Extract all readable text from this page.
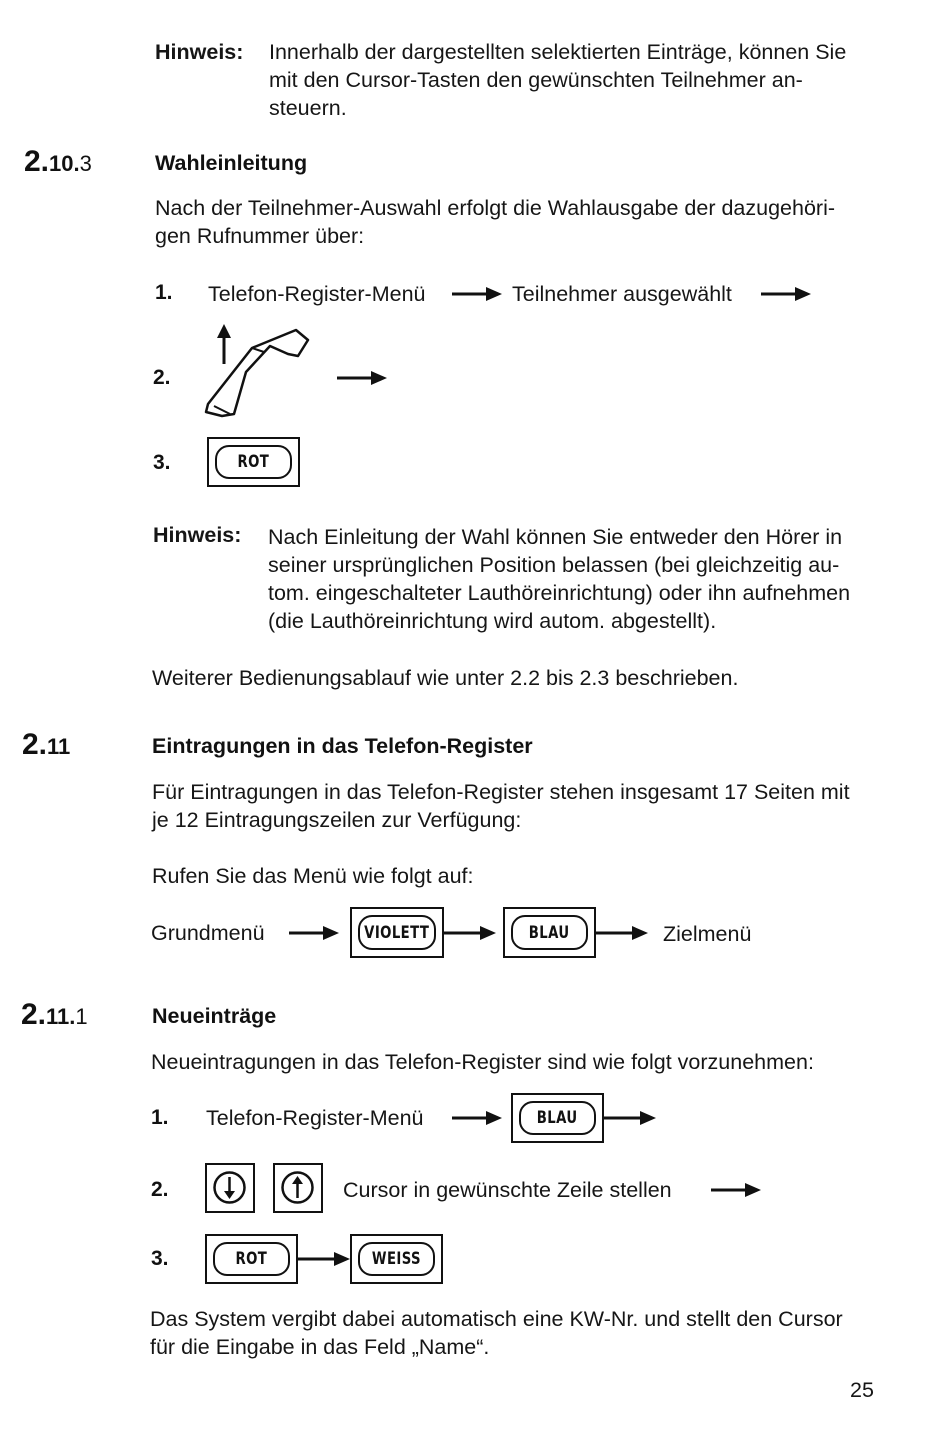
Hinweis: Innerhalb der dargestellten selektierten Einträge, können Sie
mit den Cursor-Tasten den gewünschten Teilnehmer an-
steuern.
2.10.3	Wahleinleitung
Nach der Teilnehmer-Auswahl erfolgt die Wahlausgabe der dazugehöri-
gen Rufnummer über:
1. Telefon-Register-Menü	Teilnehmer ausgewählt
2.
3.	ROT
Hinweis: Nach Einleitung der Wahl können Sie entweder den Hörer in
seiner ursprünglichen Position belassen (bei gleichzeitig au-
tom. eingeschalteter Lauthöreinrichtung) oder ihn aufnehmen
(die Lauthöreinrichtung wird autom. abgestellt).
Weiterer Bedienungsablauf wie unter 2.2 bis 2.3 beschrieben.
2.11	Eintragungen in das Telefon-Register
Für Eintragungen in das Telefon-Register stehen insgesamt 17 Seiten mit
je 12 Eintragungszeilen zur Verfügung:
Rufen Sie das Menü wie folgt auf:
Grundmenü	VIOLETT	BLAU	Zielmenü
2.11.1	Neueinträge
Neueintragungen in das Telefon-Register sind wie folgt vorzunehmen:
1. Telefon-Register-Menü	BLAU
2.	Cursor in gewünschte Zeile stellen
3.	ROT	WEISS
Das System vergibt dabei automatisch eine KW-Nr. und stellt den Cursor
für die Eingabe in das Feld „Name“.
25
